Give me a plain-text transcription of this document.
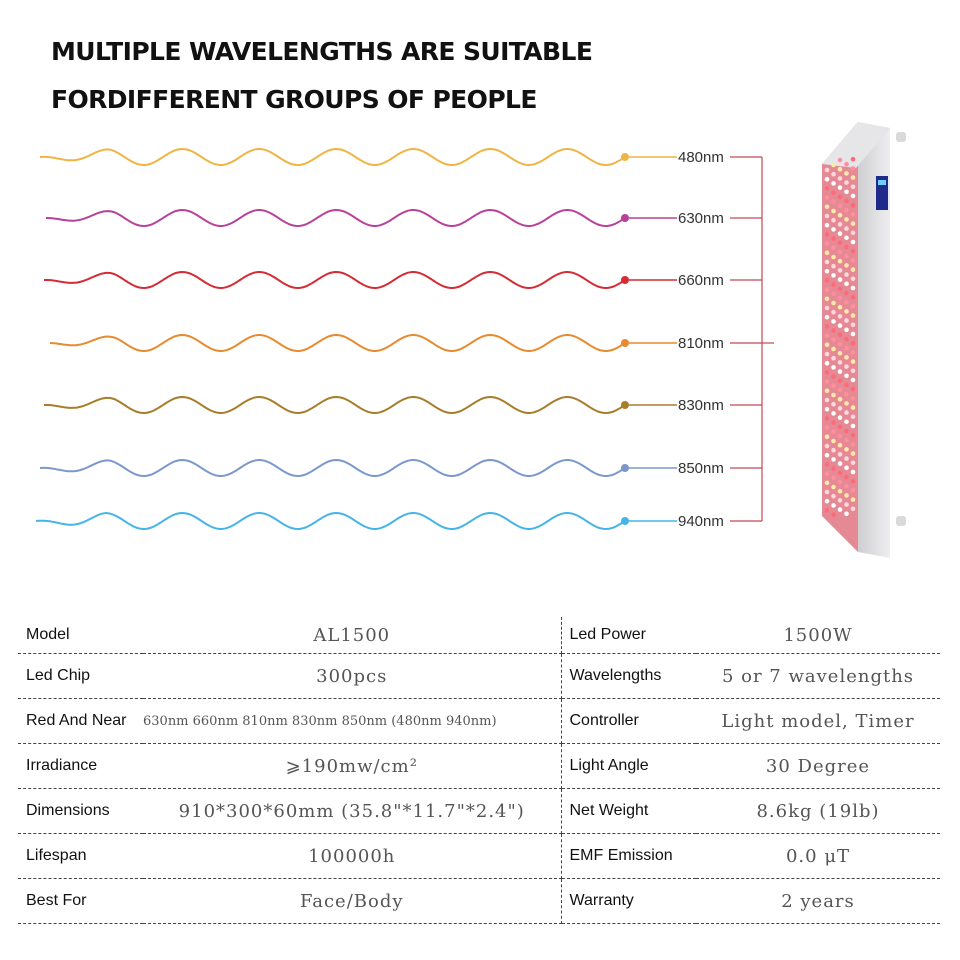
MULTIPLE WAVELENGTHS ARE SUITABLE
FORDIFFERENT GROUPS OF PEOPLE
480nm
630nm
660nm
810nm
830nm
850nm
940nm
Model	AL1500	Led Power	1500W
Led Chip	300pcs	Wavelengths	5 or 7 wavelengths
Red And Near	630nm 660nm 810nm 830nm 850nm (480nm 940nm)	Controller	Light model, Timer
Irradiance	⩾190mw/cm²	Light Angle	30 Degree
Dimensions	910*300*60mm (35.8"*11.7"*2.4")	Net Weight	8.6kg (19lb)
Lifespan	100000h	EMF Emission	0.0 μT
Best For	Face/Body	Warranty	2 years
